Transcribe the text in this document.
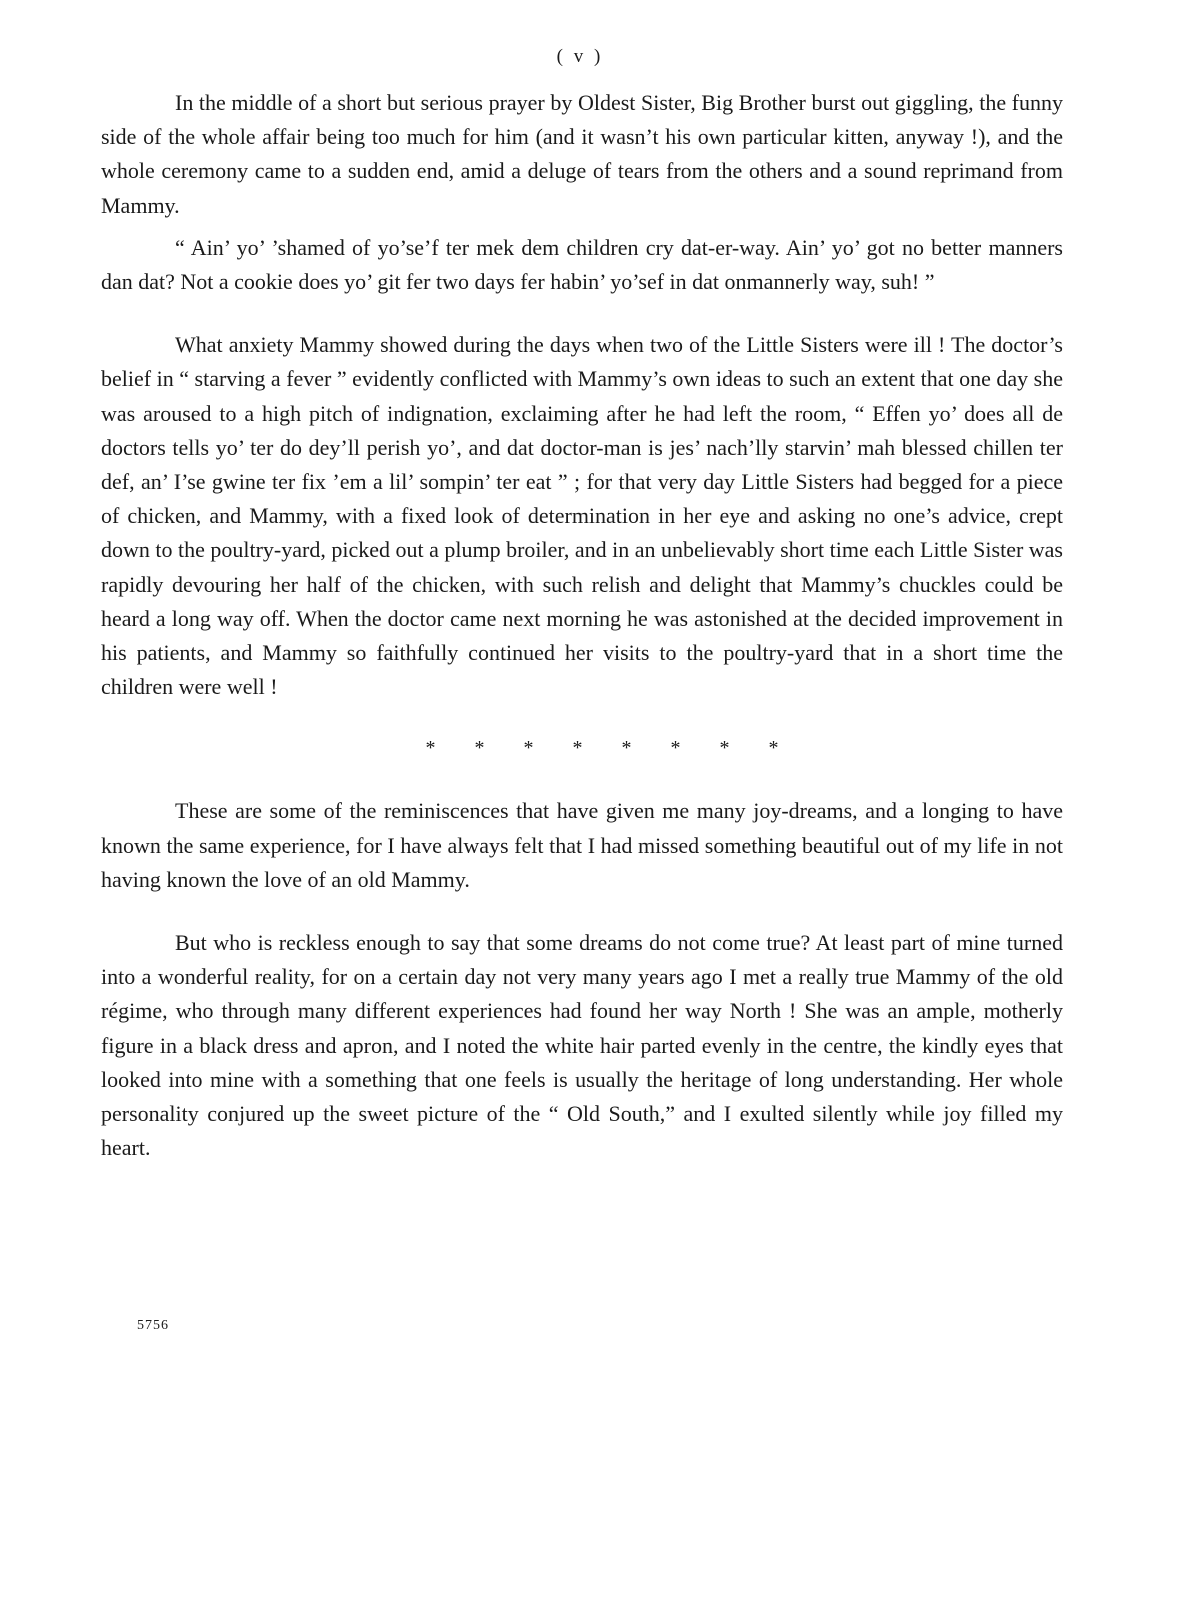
( v )

In the middle of a short but serious prayer by Oldest Sister, Big Brother burst out giggling, the funny side of the whole affair being too much for him (and it wasn’t his own particular kitten, anyway !), and the whole ceremony came to a sudden end, amid a deluge of tears from the others and a sound reprimand from Mammy.

“ Ain’ yo’ ’shamed of yo’se’f ter mek dem children cry dat-er-way. Ain’ yo’ got no better manners dan dat? Not a cookie does yo’ git fer two days fer habin’ yo’sef in dat onmannerly way, suh! ”

What anxiety Mammy showed during the days when two of the Little Sisters were ill ! The doctor’s belief in “ starving a fever ” evidently conflicted with Mammy’s own ideas to such an extent that one day she was aroused to a high pitch of indignation, exclaiming after he had left the room, “ Effen yo’ does all de doctors tells yo’ ter do dey’ll perish yo’, and dat doctor-man is jes’ nach’lly starvin’ mah blessed chillen ter def, an’ I’se gwine ter fix ’em a lil’ sompin’ ter eat ” ; for that very day Little Sisters had begged for a piece of chicken, and Mammy, with a fixed look of determination in her eye and asking no one’s advice, crept down to the poultry-yard, picked out a plump broiler, and in an unbelievably short time each Little Sister was rapidly devouring her half of the chicken, with such relish and delight that Mammy’s chuckles could be heard a long way off. When the doctor came next morning he was astonished at the decided improvement in his patients, and Mammy so faithfully continued her visits to the poultry-yard that in a short time the children were well !

* * * * * * * *

These are some of the reminiscences that have given me many joy-dreams, and a longing to have known the same experience, for I have always felt that I had missed something beautiful out of my life in not having known the love of an old Mammy.

But who is reckless enough to say that some dreams do not come true? At least part of mine turned into a wonderful reality, for on a certain day not very many years ago I met a really true Mammy of the old régime, who through many different experiences had found her way North ! She was an ample, motherly figure in a black dress and apron, and I noted the white hair parted evenly in the centre, the kindly eyes that looked into mine with a something that one feels is usually the heritage of long understanding. Her whole personality conjured up the sweet picture of the “ Old South,” and I exulted silently while joy filled my heart.

5756
